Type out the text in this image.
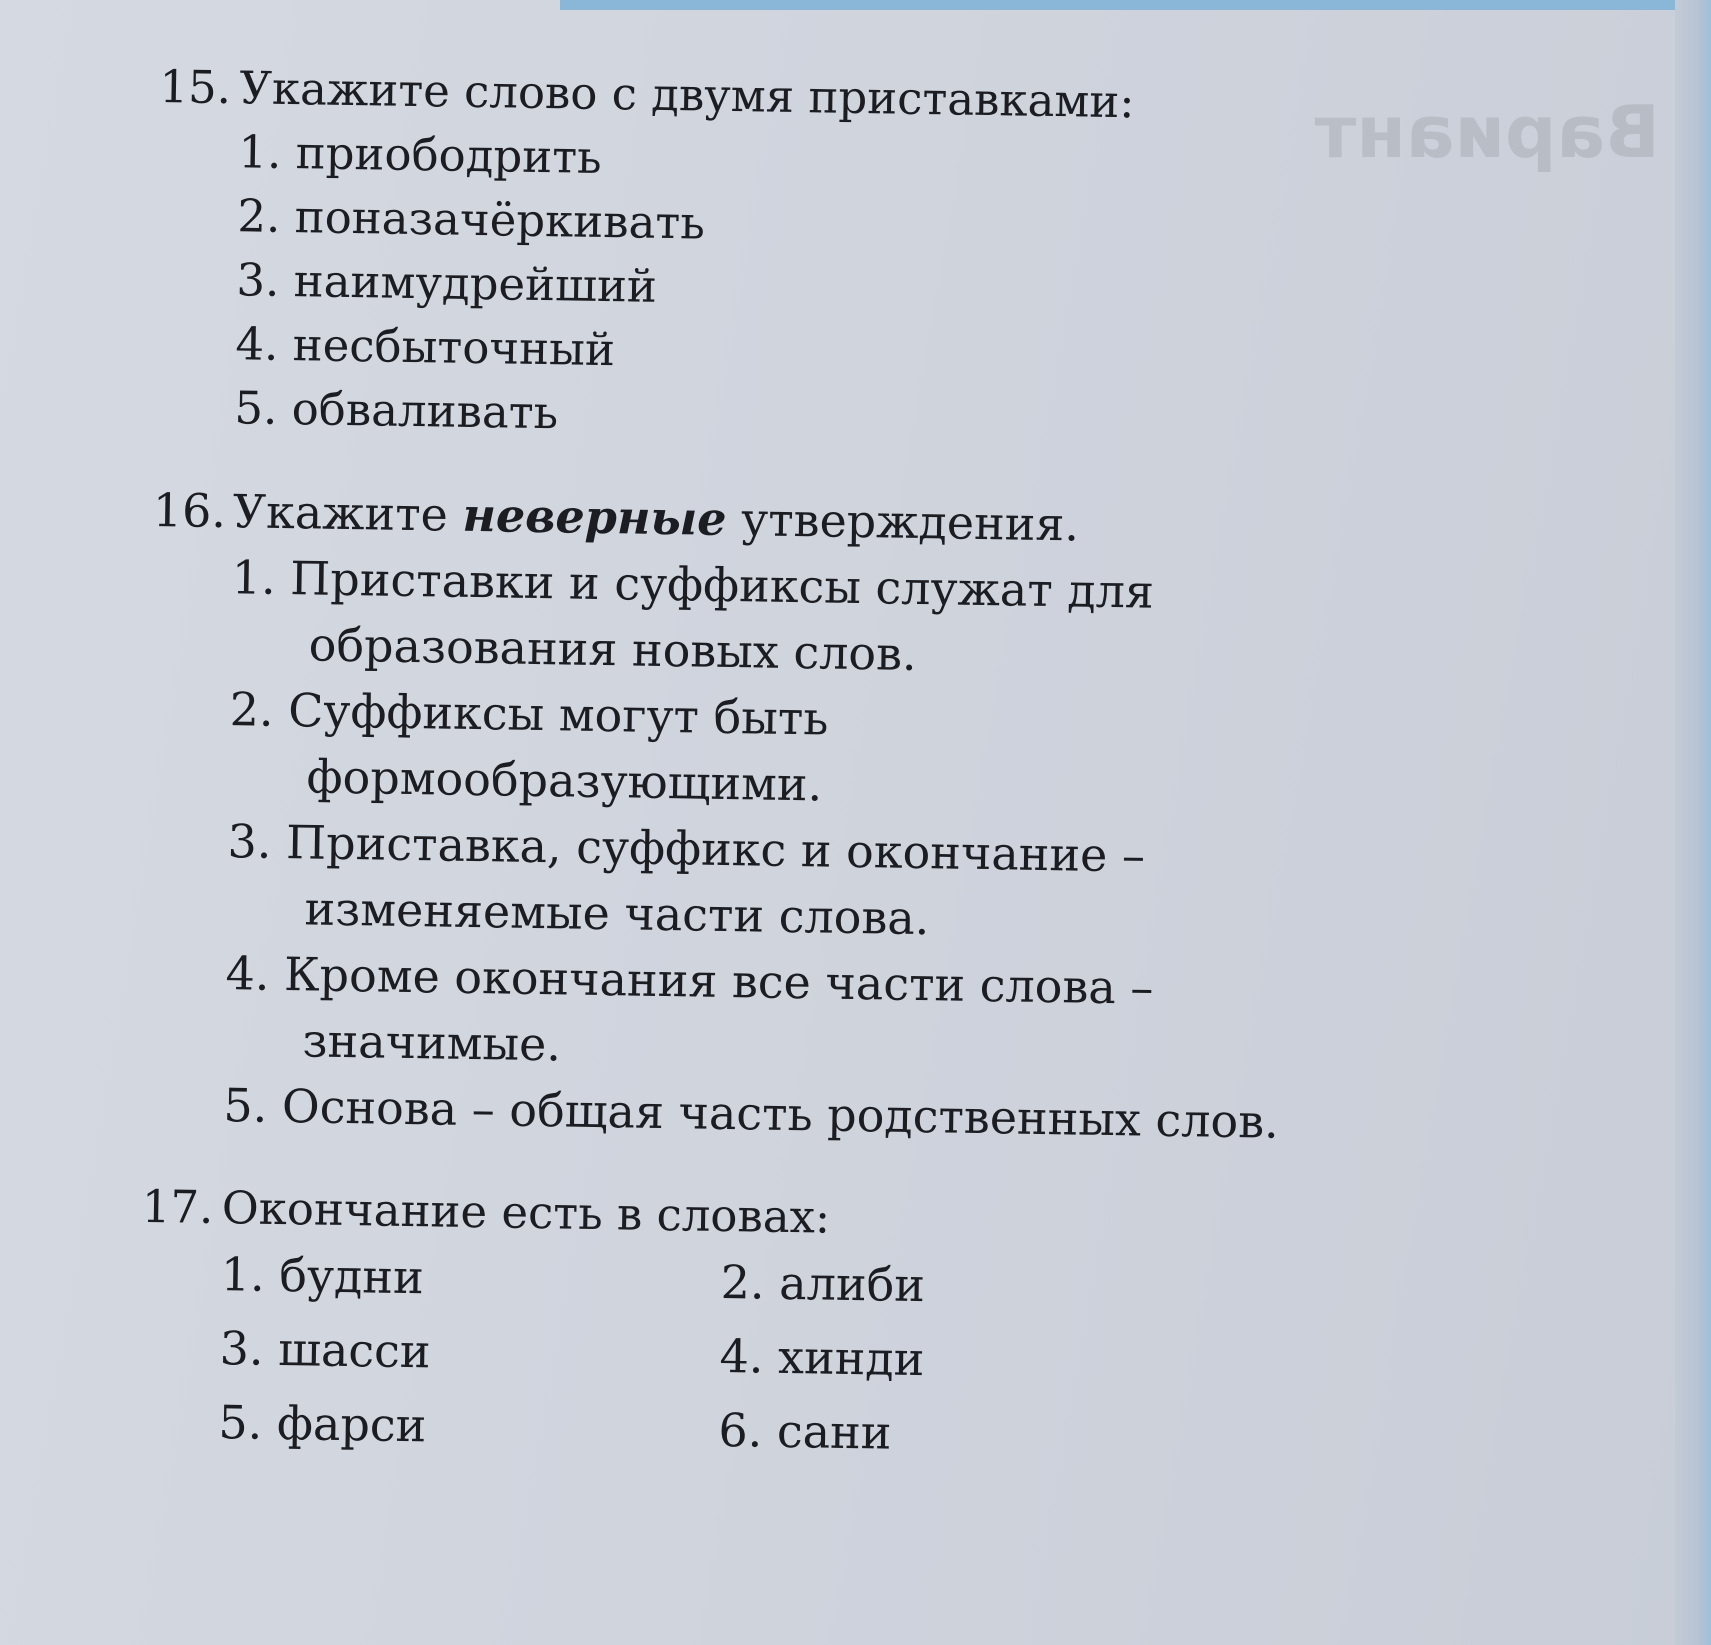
Вариант
15. Укажите слово с двумя приставками:
1. приободрить
2. поназачёркивать
3. наимудрейший
4. несбыточный
5. обваливать
16. Укажите неверные утверждения.
1. Приставки и суффиксы служат для
образования новых слов.
2. Суффиксы могут быть
формообразующими.
3. Приставка, суффикс и окончание –
изменяемые части слова.
4. Кроме окончания все части слова –
значимые.
5. Основа – общая часть родственных слов.
17. Окончание есть в словах:
1. будни	2. алиби
3. шасси	4. хинди
5. фарси	6. сани
